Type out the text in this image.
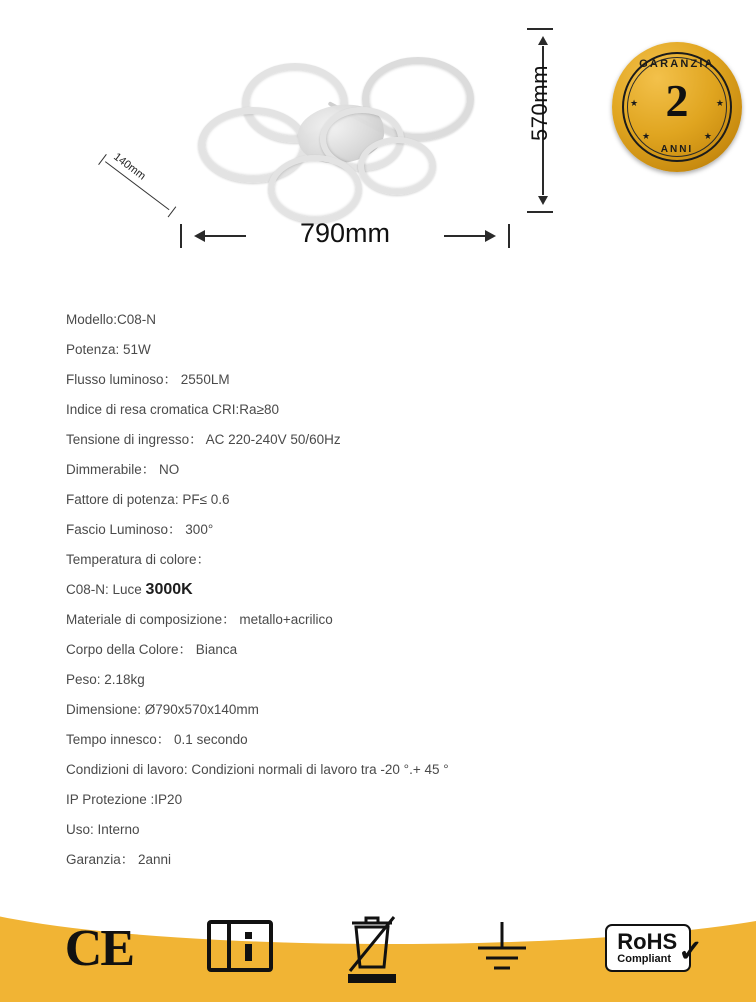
570mm
140mm
790mm
GARANZIA
2
ANNI
★	★
★	★
Modello:C08-N
Potenza: 51W
Flusso luminoso： 2550LM
Indice di resa cromatica CRI:Ra≥80
Tensione di ingresso： AC 220-240V 50/60Hz
Dimmerabile： NO
Fattore di potenza: PF≤ 0.6
Fascio Luminoso： 300°
Temperatura di colore：
C08-N: Luce 3000K
Materiale di composizione： metallo+acrilico
Corpo della Colore： Bianca
Peso: 2.18kg
Dimensione: Ø790x570x140mm
Tempo innesco： 0.1 secondo
Condizioni di lavoro: Condizioni normali di lavoro tra -20 °.+ 45 °
IP Protezione :IP20
Uso: Interno
Garanzia： 2anni
CE	RoHS
Compliant ✓
